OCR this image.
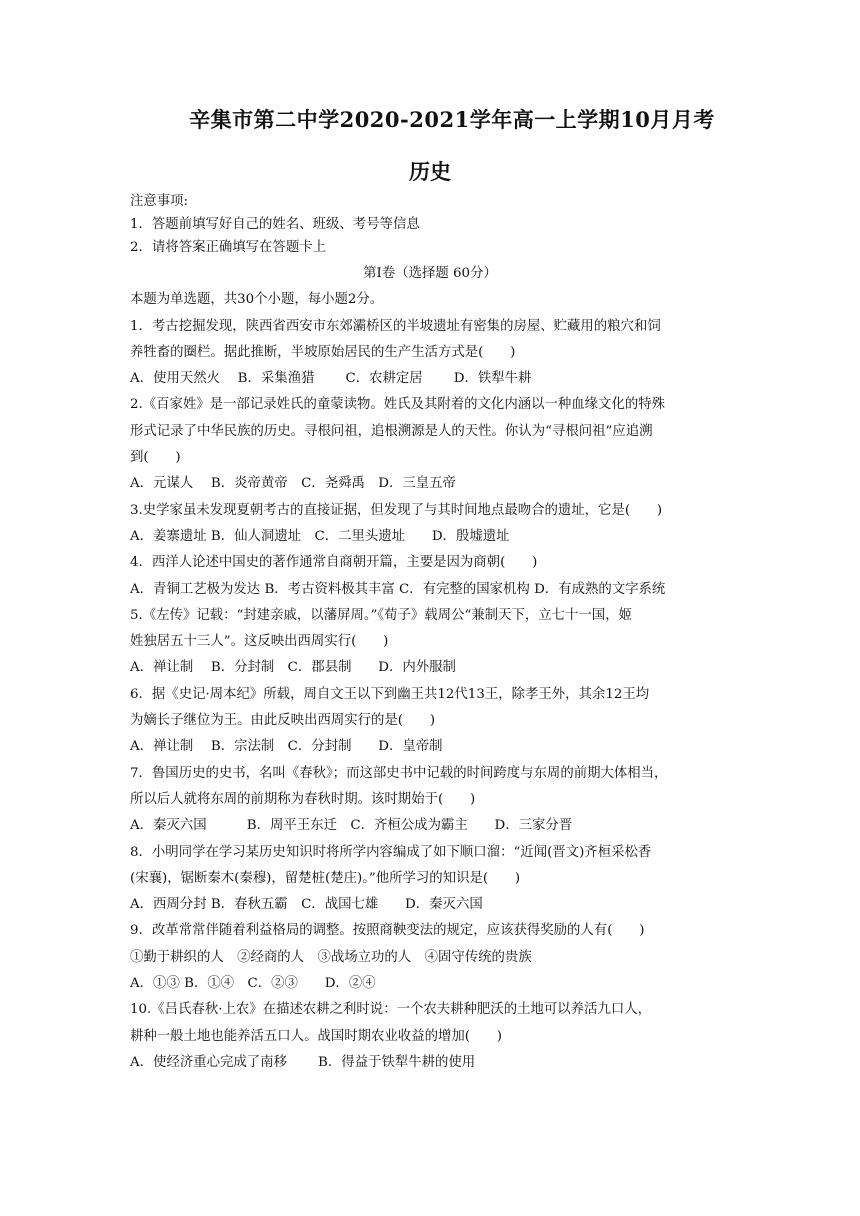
辛集市第二中学2020-2021学年高一上学期10月月考
历史

注意事项:

1．答题前填写好自己的姓名、班级、考号等信息

2．请将答案正确填写在答题卡上

第Ⅰ卷（选择题 60分）

本题为单选题，共30个小题，每小题2分。

1．考古挖掘发现，陕西省西安市东郊灞桥区的半坡遗址有密集的房屋、贮藏用的粮穴和饲

养牲畜的圈栏。据此推断，半坡原始居民的生产生活方式是(　　)

A．使用天然火　 B．采集渔猎　　 C．农耕定居　　 D．铁犁牛耕

2.《百家姓》是一部记录姓氏的童蒙读物。姓氏及其附着的文化内涵以一种血缘文化的特殊

形式记录了中华民族的历史。寻根问祖，追根溯源是人的天性。你认为“寻根问祖”应追溯

到(　　)

A．元谋人　 B．炎帝黄帝　C．尧舜禹　D．三皇五帝

3.史学家虽未发现夏朝考古的直接证据，但发现了与其时间地点最吻合的遗址，它是(　　)

A．姜寨遗址 B．仙人洞遗址　C．二里头遗址　　D．殷墟遗址

4．西洋人论述中国史的著作通常自商朝开篇，主要是因为商朝(　　)

A．青铜工艺极为发达 B．考古资料极其丰富 C．有完整的国家机构 D．有成熟的文字系统

5.《左传》记载：“封建亲戚，以藩屏周。”《荀子》载周公“兼制天下，立七十一国，姬

姓独居五十三人”。这反映出西周实行(　　)

A．禅让制　 B．分封制　C．郡县制　　D．内外服制

6．据《史记·周本纪》所载，周自文王以下到幽王共12代13王，除孝王外，其余12王均

为嫡长子继位为王。由此反映出西周实行的是(　　)

A．禅让制　 B．宗法制　C．分封制　　D．皇帝制

7．鲁国历史的史书，名叫《春秋》；而这部史书中记载的时间跨度与东周的前期大体相当，

所以后人就将东周的前期称为春秋时期。该时期始于(　　)

A．秦灭六国　　　B．周平王东迁　C．齐桓公成为霸主　　D．三家分晋

8．小明同学在学习某历史知识时将所学内容编成了如下顺口溜：“近闻(晋文)齐桓采松香

(宋襄)，锯断秦木(秦穆)，留楚桩(楚庄)。”他所学习的知识是(　　)

A．西周分封 B．春秋五霸　C．战国七雄　　D．秦灭六国

9．改革常常伴随着利益格局的调整。按照商鞅变法的规定，应该获得奖励的人有(　　)

①勤于耕织的人　②经商的人　③战场立功的人　④固守传统的贵族

A．①③ B．①④　C．②③　　D．②④

10.《吕氏春秋·上农》在描述农耕之利时说：一个农夫耕种肥沃的土地可以养活九口人，

耕种一般土地也能养活五口人。战国时期农业收益的增加(　　)

A．使经济重心完成了南移　　 B．得益于铁犁牛耕的使用
